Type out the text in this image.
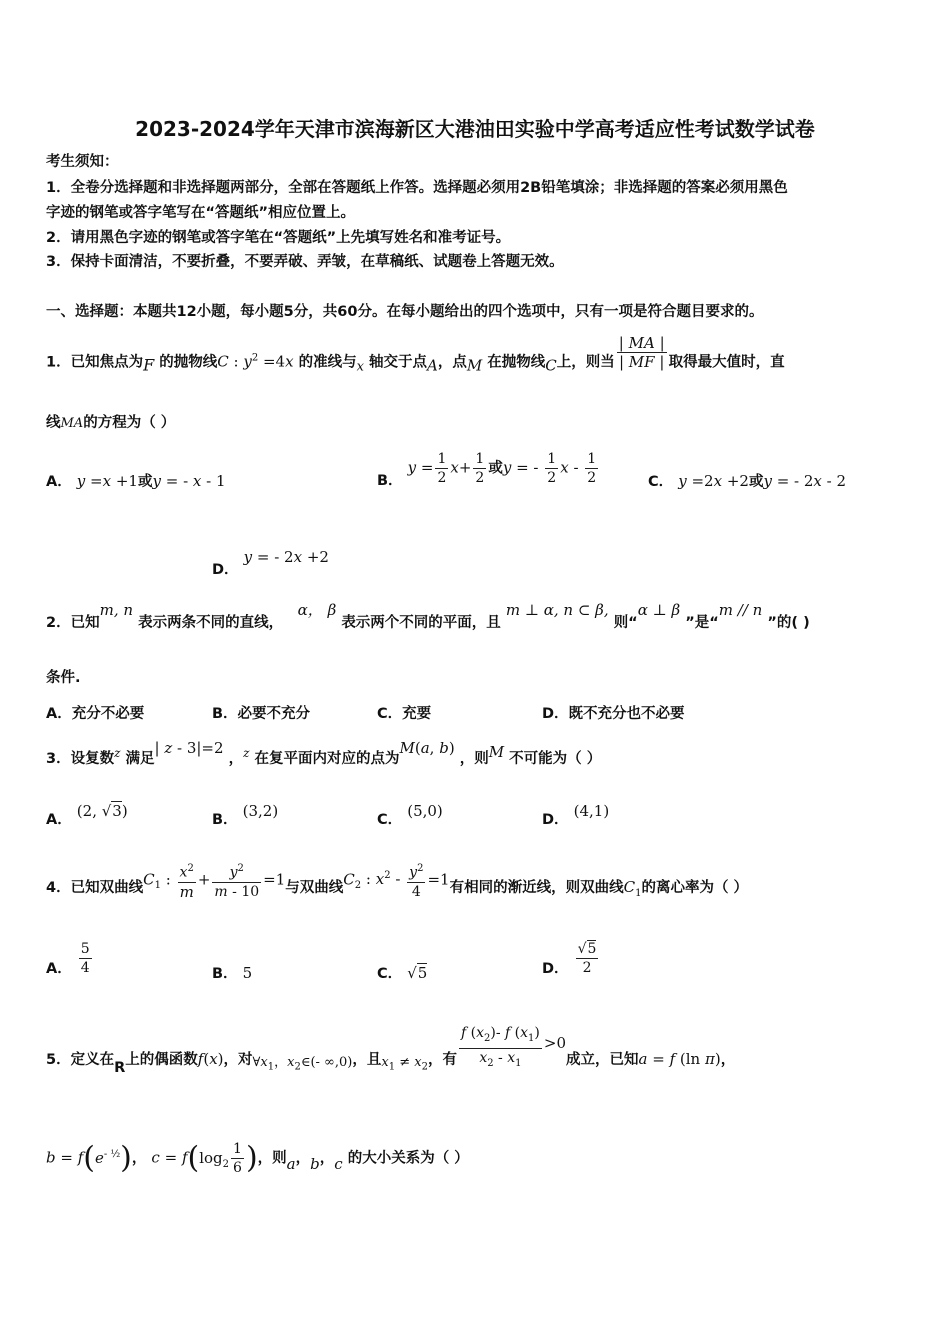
2023-2024学年天津市滨海新区大港油田实验中学高考适应性考试数学试卷
考生须知：
1．全卷分选择题和非选择题两部分，全部在答题纸上作答。选择题必须用2B铅笔填涂；非选择题的答案必须用黑色
字迹的钢笔或答字笔写在“答题纸”相应位置上。
2．请用黑色字迹的钢笔或答字笔在“答题纸”上先填写姓名和准考证号。
3．保持卡面清洁，不要折叠，不要弄破、弄皱，在草稿纸、试题卷上答题无效。
一、选择题：本题共12小题，每小题5分，共60分。在每小题给出的四个选项中，只有一项是符合题目要求的。
1．已知焦点为F 的抛物线C : $y^2 =4x$ 的准线与x 轴交于点A，点M 在抛物线C上，则当 $\frac{| MA |}{| MF |}$ 取得最大值时，直
线MA的方程为（ ）
A． y =x +1或y = - x - 1	B． $y = \frac{1}{2} x+ \frac{1}{2}$ 或y = - $\frac{1}{2}$ x - $\frac{1}{2}$	C． y =2x +2或y = - 2x - 2
D． y = - 2x +2
2．已知m, n 表示两条不同的直线，   α， β 表示两个不同的平面，且 m ⊥ α, n ⊂ β, 则“α ⊥ β ”是“m // n ”的( )
条件.
A．充分不必要	B．必要不充分	C．充要	D．既不充分也不必要
3．设复数$^z$ 满足| z - 3|=2 ，$^z$ 在复平面内对应的点为M(a, b) ，则M 不可能为（ ）
A． (2, √3)	B． (3,2)	C． (5,0)	D． (4,1)
4．已知双曲线$C_1$ : $\frac{x^2}{m} + \frac{y^2}{m - 10} =1$与双曲线$C_2$ : $x^2 - \frac{y^2}{4} =1$有相同的渐近线，则双曲线$C_1$的离心率为（ ）
A． $\frac{5}{4}$	B． 5	C． √5	D． $\frac{√5}{2}$
5．定义在R上的偶函数f(x)，对$\forall x_1$，$x_2\in(-$ ∞,0)，且$x_1 \ne x_2$，有 $\frac{f (x_2)- f (x_1)}{x_2 - x_1} >0$成立，已知a = f (ln π)，
$b = f(e^{- \frac{1}{2}})$， $c = f(\log_2 \frac{1}{6}$ )，则a，b，c 的大小关系为（ ）
